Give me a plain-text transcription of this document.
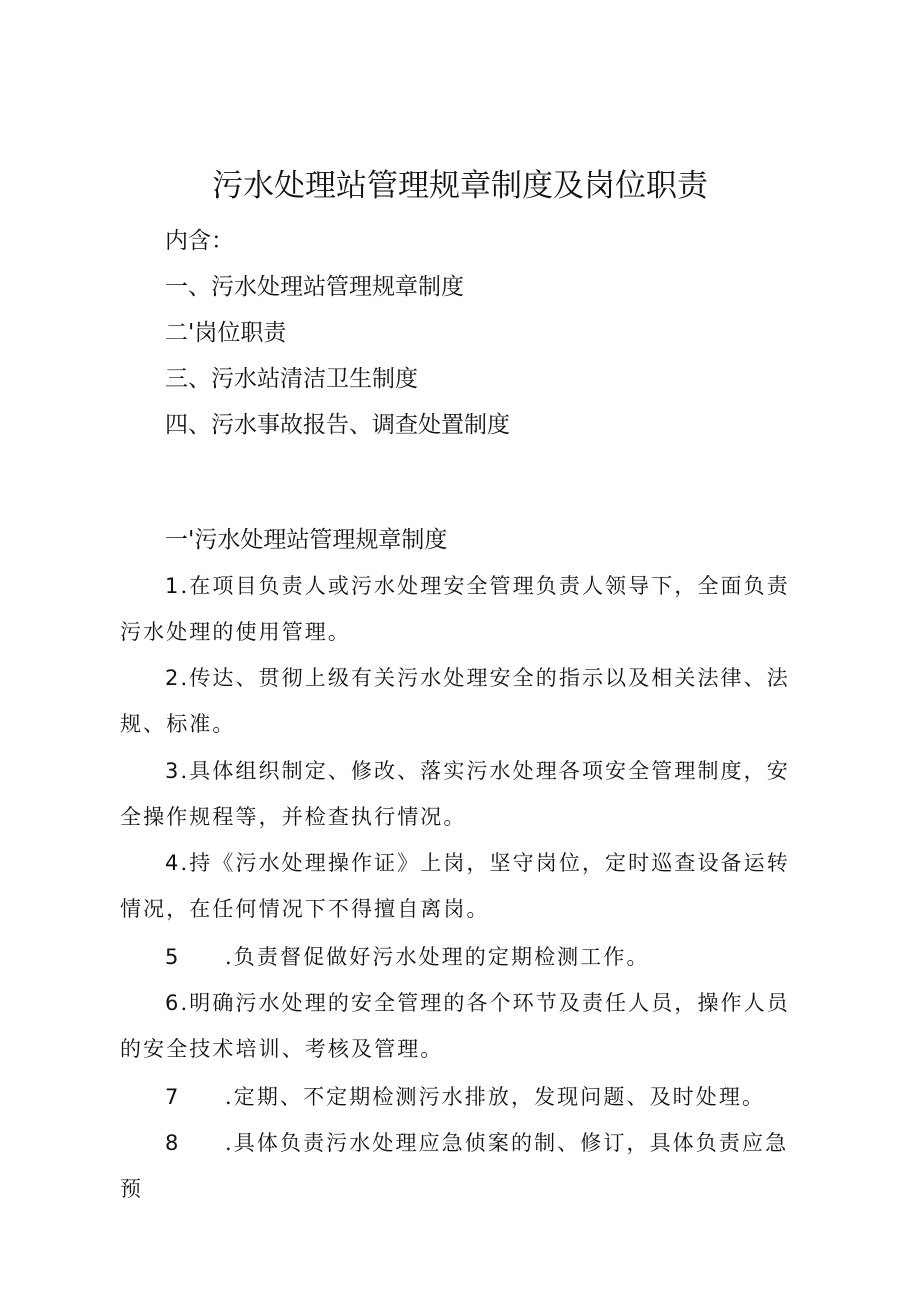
污水处理站管理规章制度及岗位职责

内含：

一、污水处理站管理规章制度

二'岗位职责

三、污水站清洁卫生制度

四、污水事故报告、调查处置制度

一'污水处理站管理规章制度

1.在项目负责人或污水处理安全管理负责人领导下，全面负责污水处理的使用管理。

2.传达、贯彻上级有关污水处理安全的指示以及相关法律、法规、标准。

3.具体组织制定、修改、落实污水处理各项安全管理制度，安全操作规程等，并检查执行情况。

4.持《污水处理操作证》上岗，坚守岗位，定时巡查设备运转情况，在任何情况下不得擅自离岗。

5 .负责督促做好污水处理的定期检测工作。

6.明确污水处理的安全管理的各个环节及责任人员，操作人员的安全技术培训、考核及管理。

7 .定期、不定期检测污水排放，发现问题、及时处理。

8 .具体负责污水处理应急侦案的制、修订，具体负责应急预
